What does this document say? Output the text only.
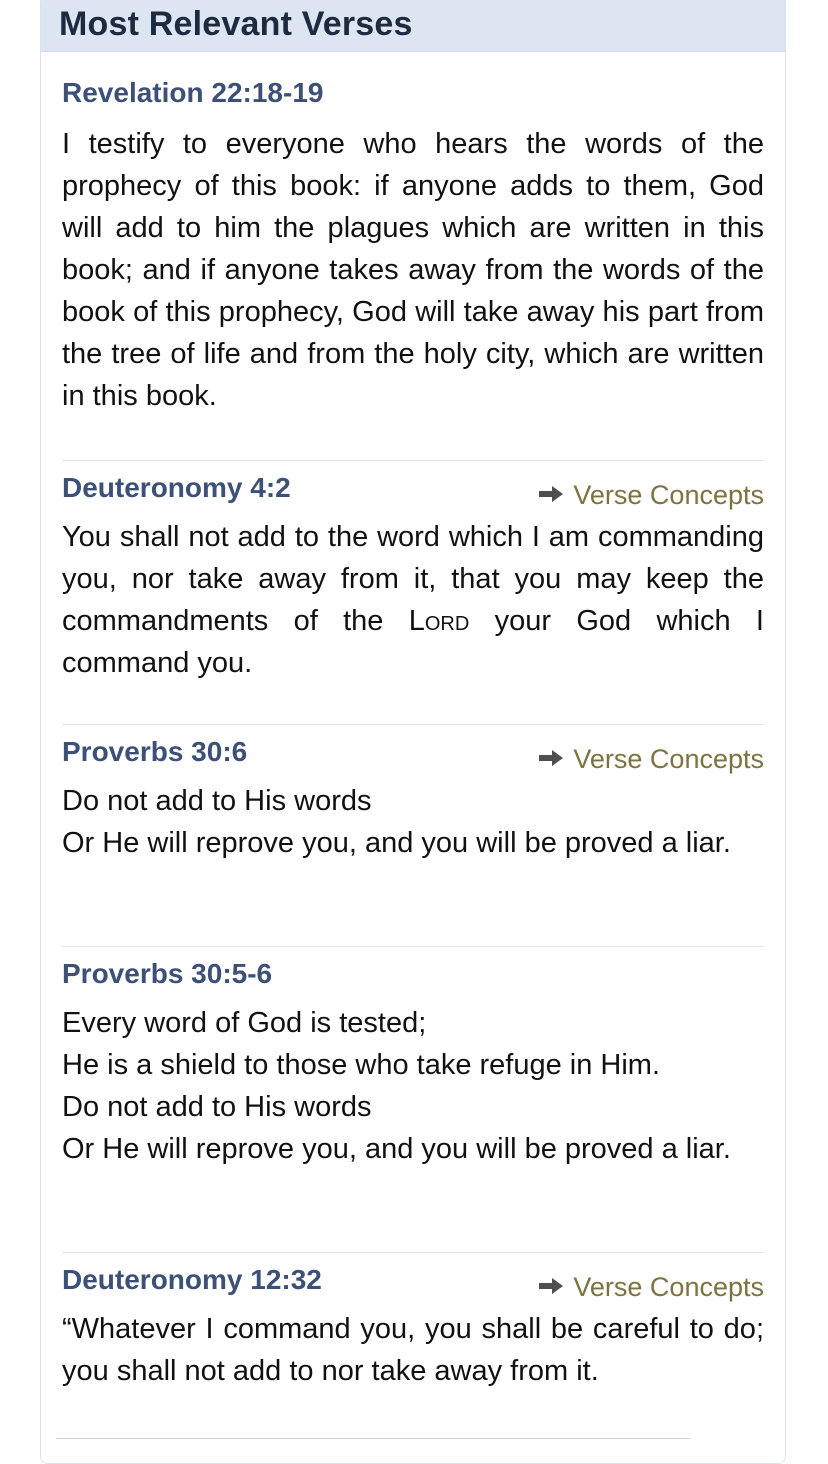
Most Relevant Verses
Revelation 22:18-19

I testify to everyone who hears the words of the prophecy of this book: if anyone adds to them, God will add to him the plagues which are written in this book; and if anyone takes away from the words of the book of this prophecy, God will take away his part from the tree of life and from the holy city, which are written in this book.

Deuteronomy 4:2	Verse Concepts

You shall not add to the word which I am commanding you, nor take away from it, that you may keep the commandments of the Lord your God which I command you.

Proverbs 30:6	Verse Concepts

Do not add to His words
Or He will reprove you, and you will be proved a liar.

Proverbs 30:5-6

Every word of God is tested;
He is a shield to those who take refuge in Him.
Do not add to His words
Or He will reprove you, and you will be proved a liar.

Deuteronomy 12:32	Verse Concepts

“Whatever I command you, you shall be careful to do; you shall not add to nor take away from it.
